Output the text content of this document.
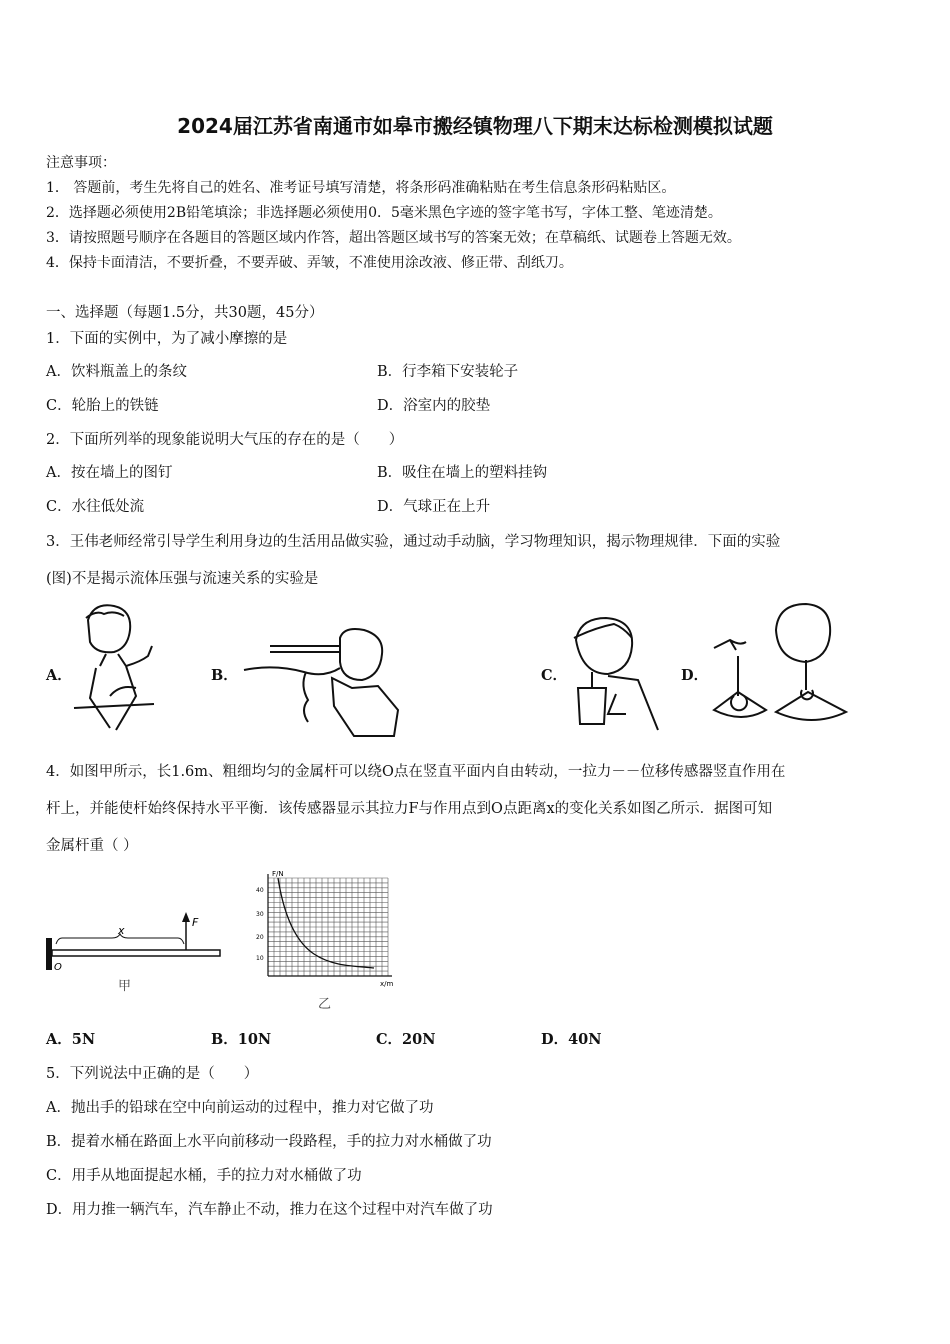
2024届江苏省南通市如皋市搬经镇物理八下期末达标检测模拟试题
注意事项：
1． 答题前，考生先将自己的姓名、准考证号填写清楚，将条形码准确粘贴在考生信息条形码粘贴区。
2．选择题必须使用2B铅笔填涂；非选择题必须使用0．5毫米黑色字迹的签字笔书写，字体工整、笔迹清楚。
3．请按照题号顺序在各题目的答题区域内作答，超出答题区域书写的答案无效；在草稿纸、试题卷上答题无效。
4．保持卡面清洁，不要折叠，不要弄破、弄皱，不准使用涂改液、修正带、刮纸刀。
一、选择题（每题1.5分，共30题，45分）
1．下面的实例中，为了减小摩擦的是
A．饮料瓶盖上的条纹	B．行李箱下安装轮子
C．轮胎上的铁链	D．浴室内的胶垫
2．下面所列举的现象能说明大气压的存在的是（　　）
A．按在墙上的图钉	B．吸住在墙上的塑料挂钩
C．水往低处流	D．气球正在上升
3．王伟老师经常引导学生利用身边的生活用品做实验，通过动手动脑，学习物理知识，揭示物理规律．下面的实验
(图)不是揭示流体压强与流速关系的实验是
A．	B．	C．	D．
4．如图甲所示，长1.6m、粗细均匀的金属杆可以绕O点在竖直平面内自由转动，一拉力－－位移传感器竖直作用在
杆上，并能使杆始终保持水平平衡．该传感器显示其拉力F与作用点到O点距离x的变化关系如图乙所示．据图可知
金属杆重（ ）
F
x
O
甲
F/N
x/m
40
30
20
10
乙
A．5N	B．10N	C．20N	D．40N
5．下列说法中正确的是（　　）
A．抛出手的铅球在空中向前运动的过程中，推力对它做了功
B．提着水桶在路面上水平向前移动一段路程，手的拉力对水桶做了功
C．用手从地面提起水桶，手的拉力对水桶做了功
D．用力推一辆汽车，汽车静止不动，推力在这个过程中对汽车做了功
